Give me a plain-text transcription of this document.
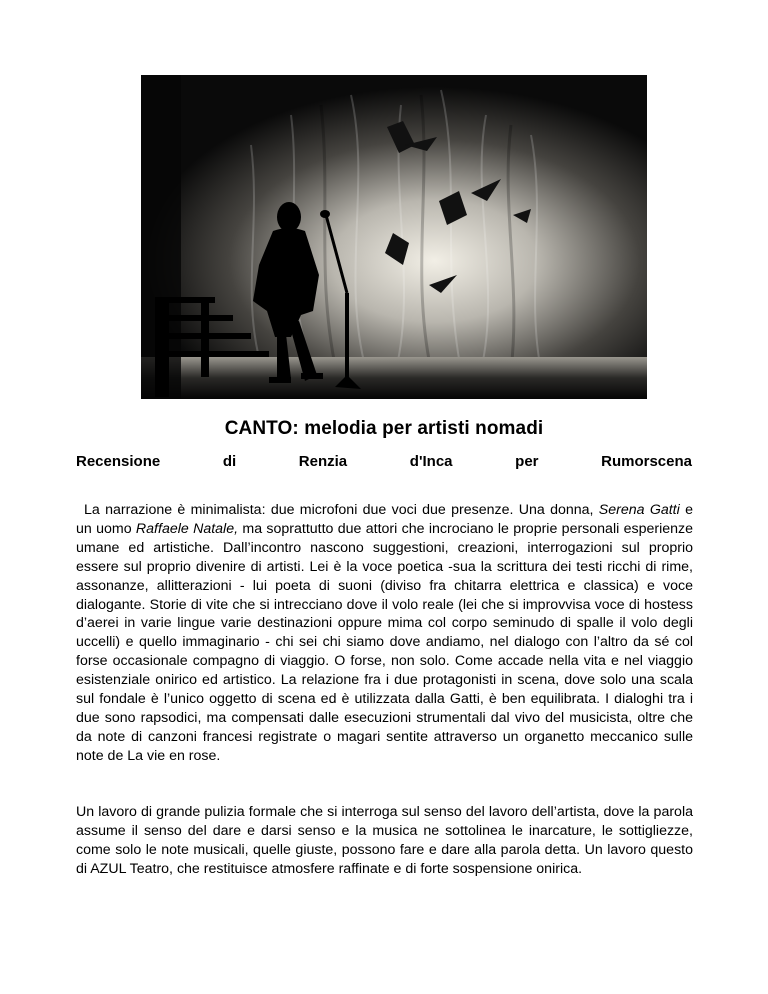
CANTO: melodia per artisti nomadi
Recensione	di	Renzia	d'Inca	per	Rumorscena

La narrazione è minimalista: due microfoni due voci due presenze. Una donna, Serena Gatti e un uomo Raffaele Natale, ma soprattutto due attori che incrociano le proprie personali esperienze umane ed artistiche. Dall’incontro nascono suggestioni, creazioni, interrogazioni sul proprio essere sul proprio divenire di artisti. Lei è la voce poetica -sua la scrittura dei testi ricchi di rime, assonanze, allitterazioni - lui poeta di suoni (diviso fra chitarra elettrica e classica) e voce dialogante. Storie di vite che si intrecciano dove il volo reale (lei che si improvvisa voce di hostess d’aerei in varie lingue varie destinazioni oppure mima col corpo seminudo di spalle il volo degli uccelli) e quello immaginario - chi sei chi siamo dove andiamo, nel dialogo con l’altro da sé col forse occasionale compagno di viaggio. O forse, non solo. Come accade nella vita e nel viaggio esistenziale onirico ed artistico. La relazione fra i due protagonisti in scena, dove solo una scala sul fondale è l’unico oggetto di scena ed è utilizzata dalla Gatti, è ben equilibrata. I dialoghi tra i due sono rapsodici, ma compensati dalle esecuzioni strumentali dal vivo del musicista, oltre che da note di canzoni francesi registrate o magari sentite attraverso un organetto meccanico sulle note de La vie en rose.

Un lavoro di grande pulizia formale che si interroga sul senso del lavoro dell’artista, dove la parola assume il senso del dare e darsi senso e la musica ne sottolinea le inarcature, le sottigliezze, come solo le note musicali, quelle giuste, possono fare e dare alla parola detta. Un lavoro questo di AZUL Teatro, che restituisce atmosfere raffinate e di forte sospensione onirica.
